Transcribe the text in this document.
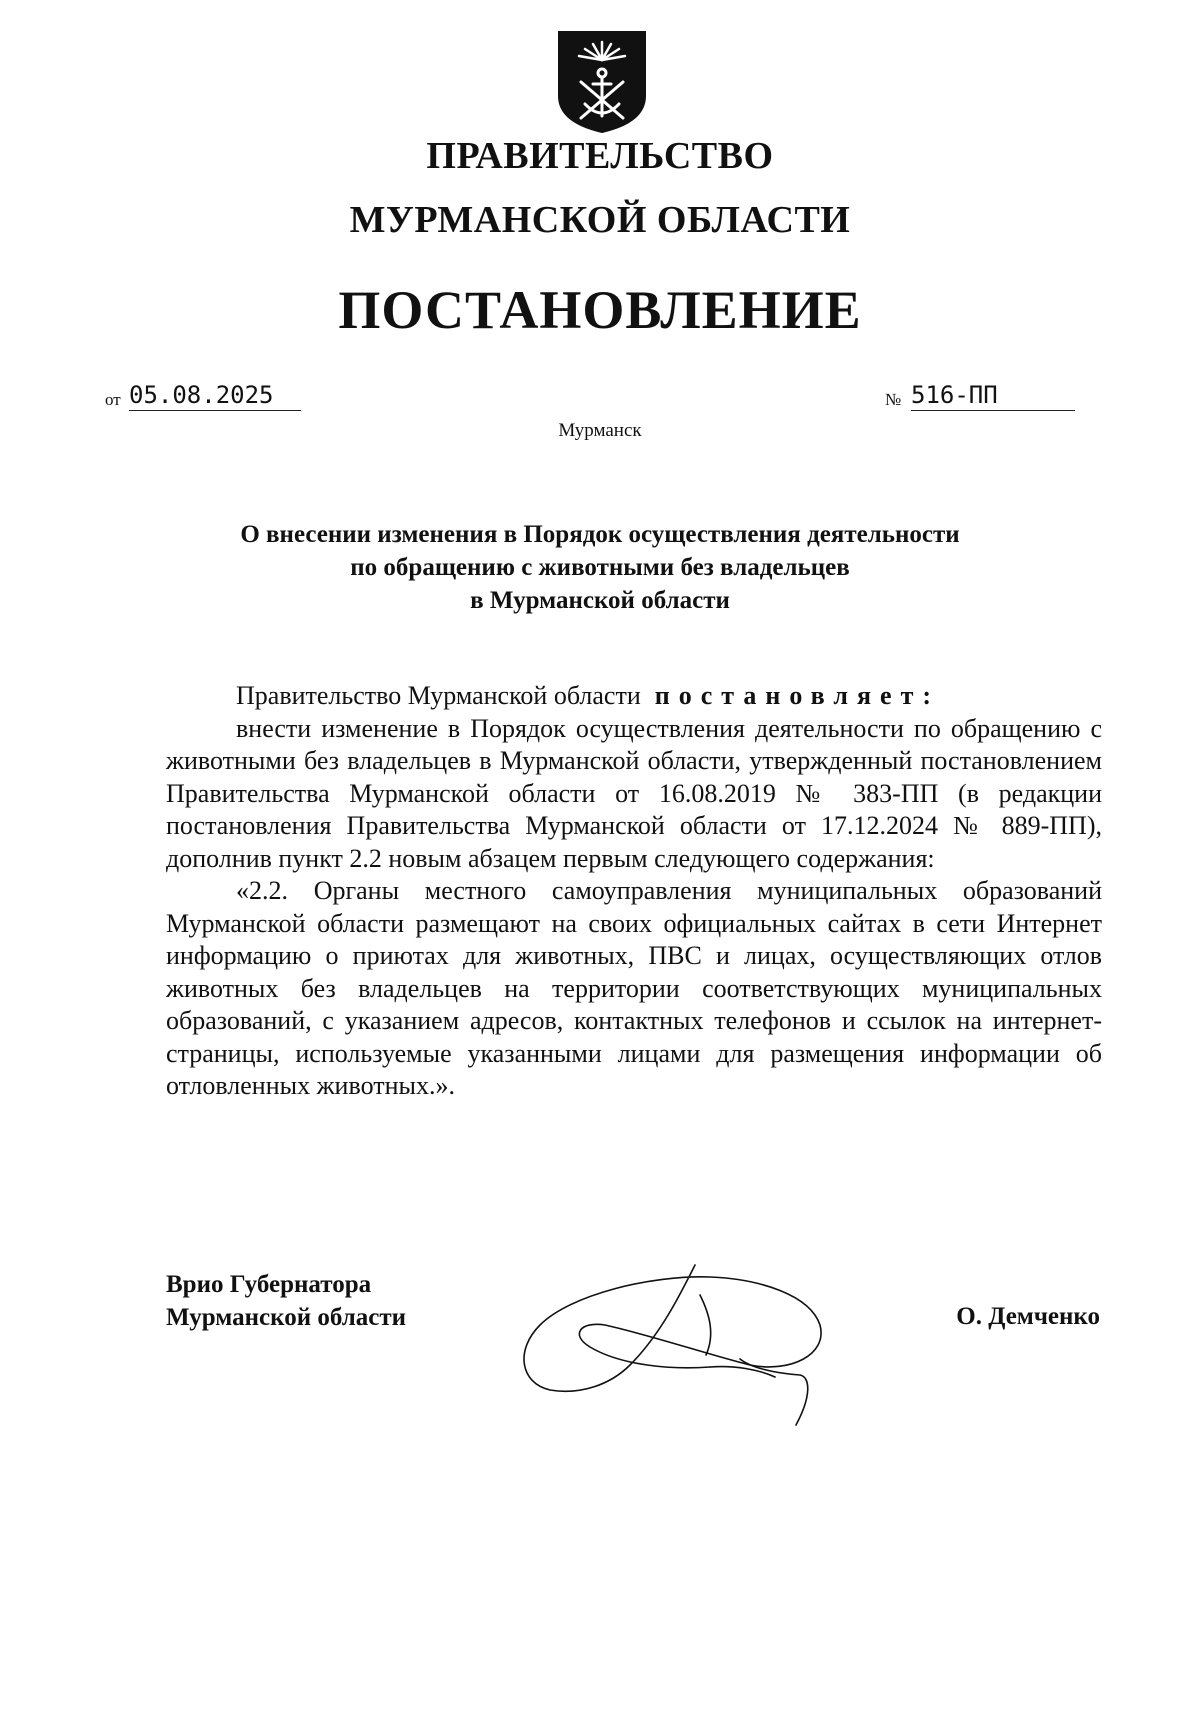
ПРАВИТЕЛЬСТВО
МУРМАНСКОЙ ОБЛАСТИ
ПОСТАНОВЛЕНИЕ
от 05.08.2025	№ 516-ПП
Мурманск
О внесении изменения в Порядок осуществления деятельности
по обращению с животными без владельцев
в Мурманской области

Правительство Мурманской области постановляет:

внести изменение в Порядок осуществления деятельности по обращению с животными без владельцев в Мурманской области, утвержденный постановлением Правительства Мурманской области от 16.08.2019 № 383-ПП (в редакции постановления Правительства Мурманской области от 17.12.2024 № 889-ПП), дополнив пункт 2.2 новым абзацем первым следующего содержания:

«2.2. Органы местного самоуправления муниципальных образований Мурманской области размещают на своих официальных сайтах в сети Интернет информацию о приютах для животных, ПВС и лицах, осуществляющих отлов животных без владельцев на территории соответствующих муниципальных образований, с указанием адресов, контактных телефонов и ссылок на интернет-страницы, используемые указанными лицами для размещения информации об отловленных животных.».

Врио Губернатора
Мурманской области	О. Демченко
